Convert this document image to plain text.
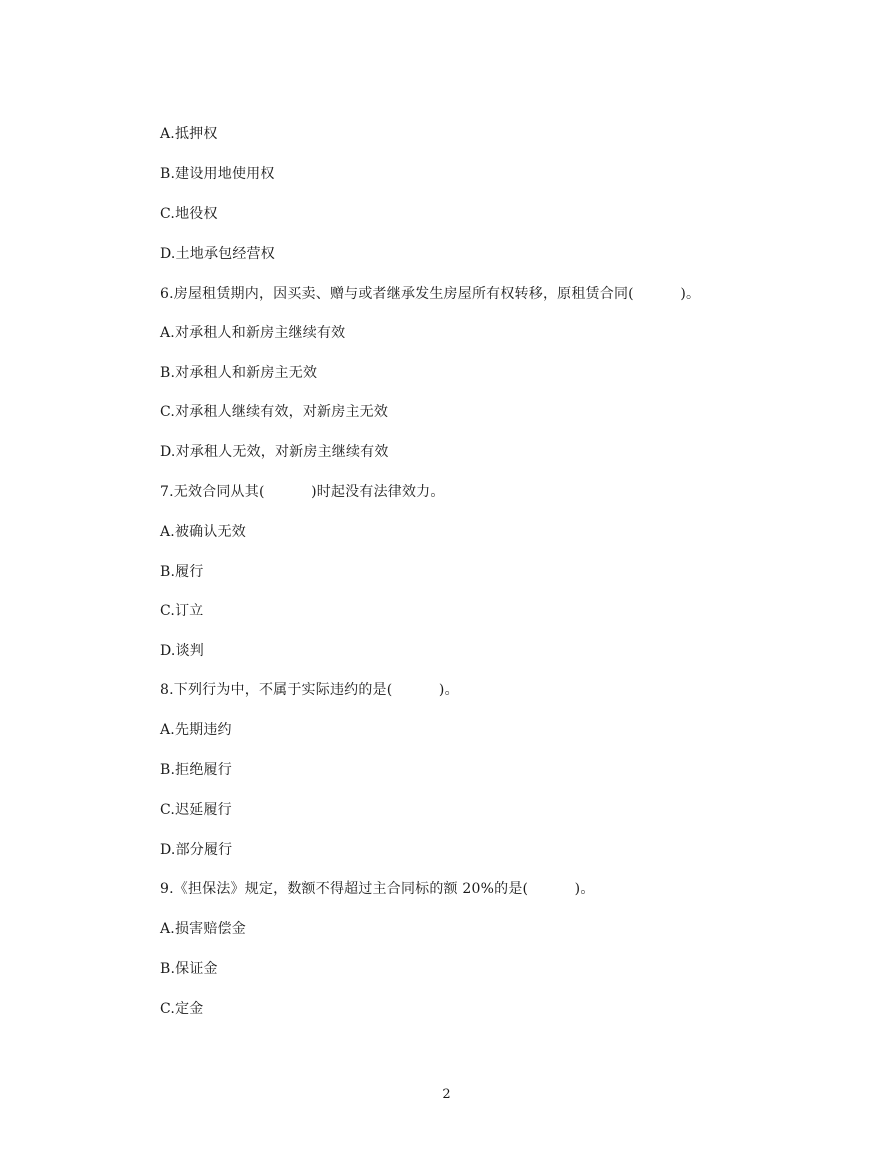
A.抵押权
B.建设用地使用权
C.地役权
D.土地承包经营权
6.房屋租赁期内，因买卖、赠与或者继承发生房屋所有权转移，原租赁合同(          )。
A.对承租人和新房主继续有效
B.对承租人和新房主无效
C.对承租人继续有效，对新房主无效
D.对承租人无效，对新房主继续有效
7.无效合同从其(          )时起没有法律效力。
A.被确认无效
B.履行
C.订立
D.谈判
8.下列行为中，不属于实际违约的是(          )。
A.先期违约
B.拒绝履行
C.迟延履行
D.部分履行
9.《担保法》规定，数额不得超过主合同标的额 20%的是(          )。
A.损害赔偿金
B.保证金
C.定金
2
